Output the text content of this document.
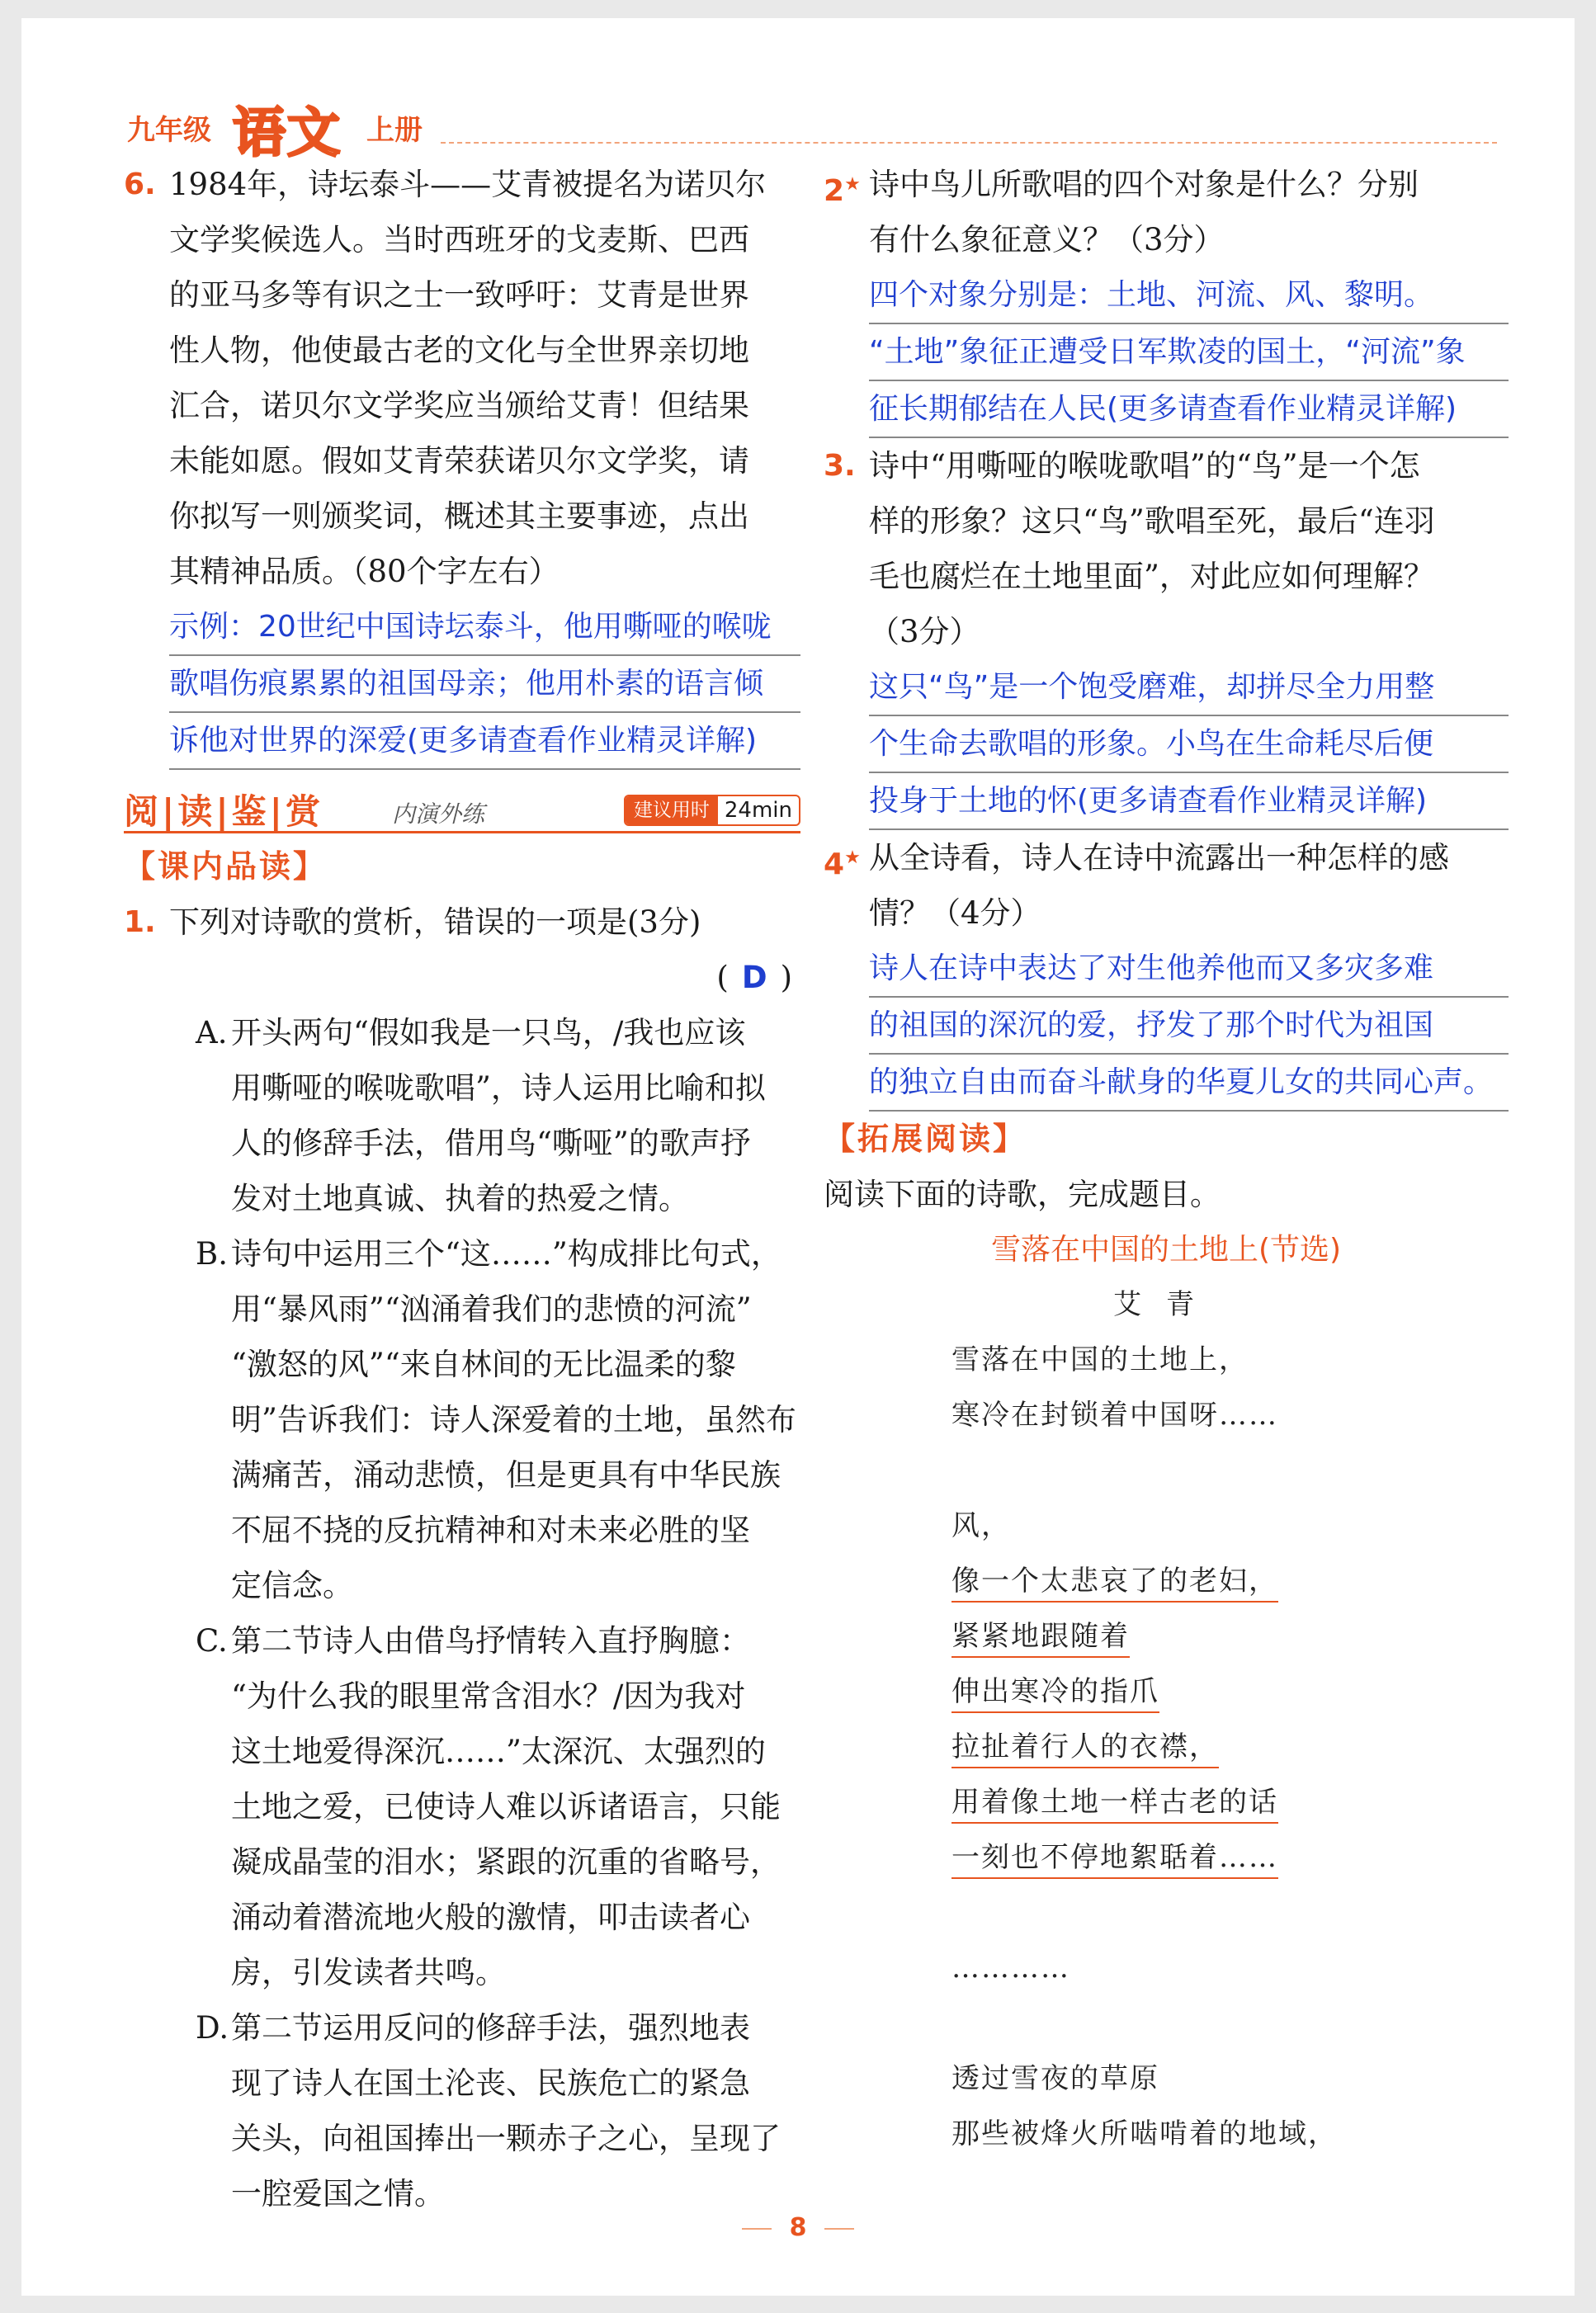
九年级 语文 上册
6. 1984年，诗坛泰斗——艾青被提名为诺贝尔

文学奖候选人。当时西班牙的戈麦斯、巴西

的亚马多等有识之士一致呼吁：艾青是世界

性人物，他使最古老的文化与全世界亲切地

汇合，诺贝尔文学奖应当颁给艾青！但结果

未能如愿。假如艾青荣获诺贝尔文学奖，请

你拟写一则颁奖词，概述其主要事迹，点出

其精神品质。（80个字左右）

示例：20世纪中国诗坛泰斗，他用嘶哑的喉咙
歌唱伤痕累累的祖国母亲；他用朴素的语言倾
诉他对世界的深爱(更多请查看作业精灵详解)
阅|读|鉴|赏	内演外练	建议用时 24min

【课内品读】

1. 下列对诗歌的赏析，错误的一项是(3分)

( D )
A. 开头两句“假如我是一只鸟，/我也应该

用嘶哑的喉咙歌唱”，诗人运用比喻和拟

人的修辞手法，借用鸟“嘶哑”的歌声抒

发对土地真诚、执着的热爱之情。

B. 诗句中运用三个“这……”构成排比句式，

用“暴风雨”“汹涌着我们的悲愤的河流”

“激怒的风”“来自林间的无比温柔的黎

明”告诉我们：诗人深爱着的土地，虽然布

满痛苦，涌动悲愤，但是更具有中华民族

不屈不挠的反抗精神和对未来必胜的坚

定信念。

C. 第二节诗人由借鸟抒情转入直抒胸臆：

“为什么我的眼里常含泪水？/因为我对

这土地爱得深沉……”太深沉、太强烈的

土地之爱，已使诗人难以诉诸语言，只能

凝成晶莹的泪水；紧跟的沉重的省略号，

涌动着潜流地火般的激情，叩击读者心

房，引发读者共鸣。

D. 第二节运用反问的修辞手法，强烈地表

现了诗人在国土沦丧、民族危亡的紧急

关头，向祖国捧出一颗赤子之心，呈现了

一腔爱国之情。

2★ 诗中鸟儿所歌唱的四个对象是什么？分别

有什么象征意义？（3分）

四个对象分别是：土地、河流、风、黎明。
“土地”象征正遭受日军欺凌的国土，“河流”象
征长期郁结在人民(更多请查看作业精灵详解)
3. 诗中“用嘶哑的喉咙歌唱”的“鸟”是一个怎

样的形象？这只“鸟”歌唱至死，最后“连羽

毛也腐烂在土地里面”，对此应如何理解？

（3分）

这只“鸟”是一个饱受磨难，却拼尽全力用整
个生命去歌唱的形象。小鸟在生命耗尽后便
投身于土地的怀(更多请查看作业精灵详解)
4★ 从全诗看，诗人在诗中流露出一种怎样的感

情？（4分）

诗人在诗中表达了对生他养他而又多灾多难
的祖国的深沉的爱，抒发了那个时代为祖国
的独立自由而奋斗献身的华夏儿女的共同心声。

【拓展阅读】

阅读下面的诗歌，完成题目。

雪落在中国的土地上(节选)

艾青

雪落在中国的土地上，

寒冷在封锁着中国呀……

风，

像一个太悲哀了的老妇，

紧紧地跟随着

伸出寒冷的指爪

拉扯着行人的衣襟，

用着像土地一样古老的话

一刻也不停地絮聒着……

…………

透过雪夜的草原

那些被烽火所啮啃着的地域，

8
